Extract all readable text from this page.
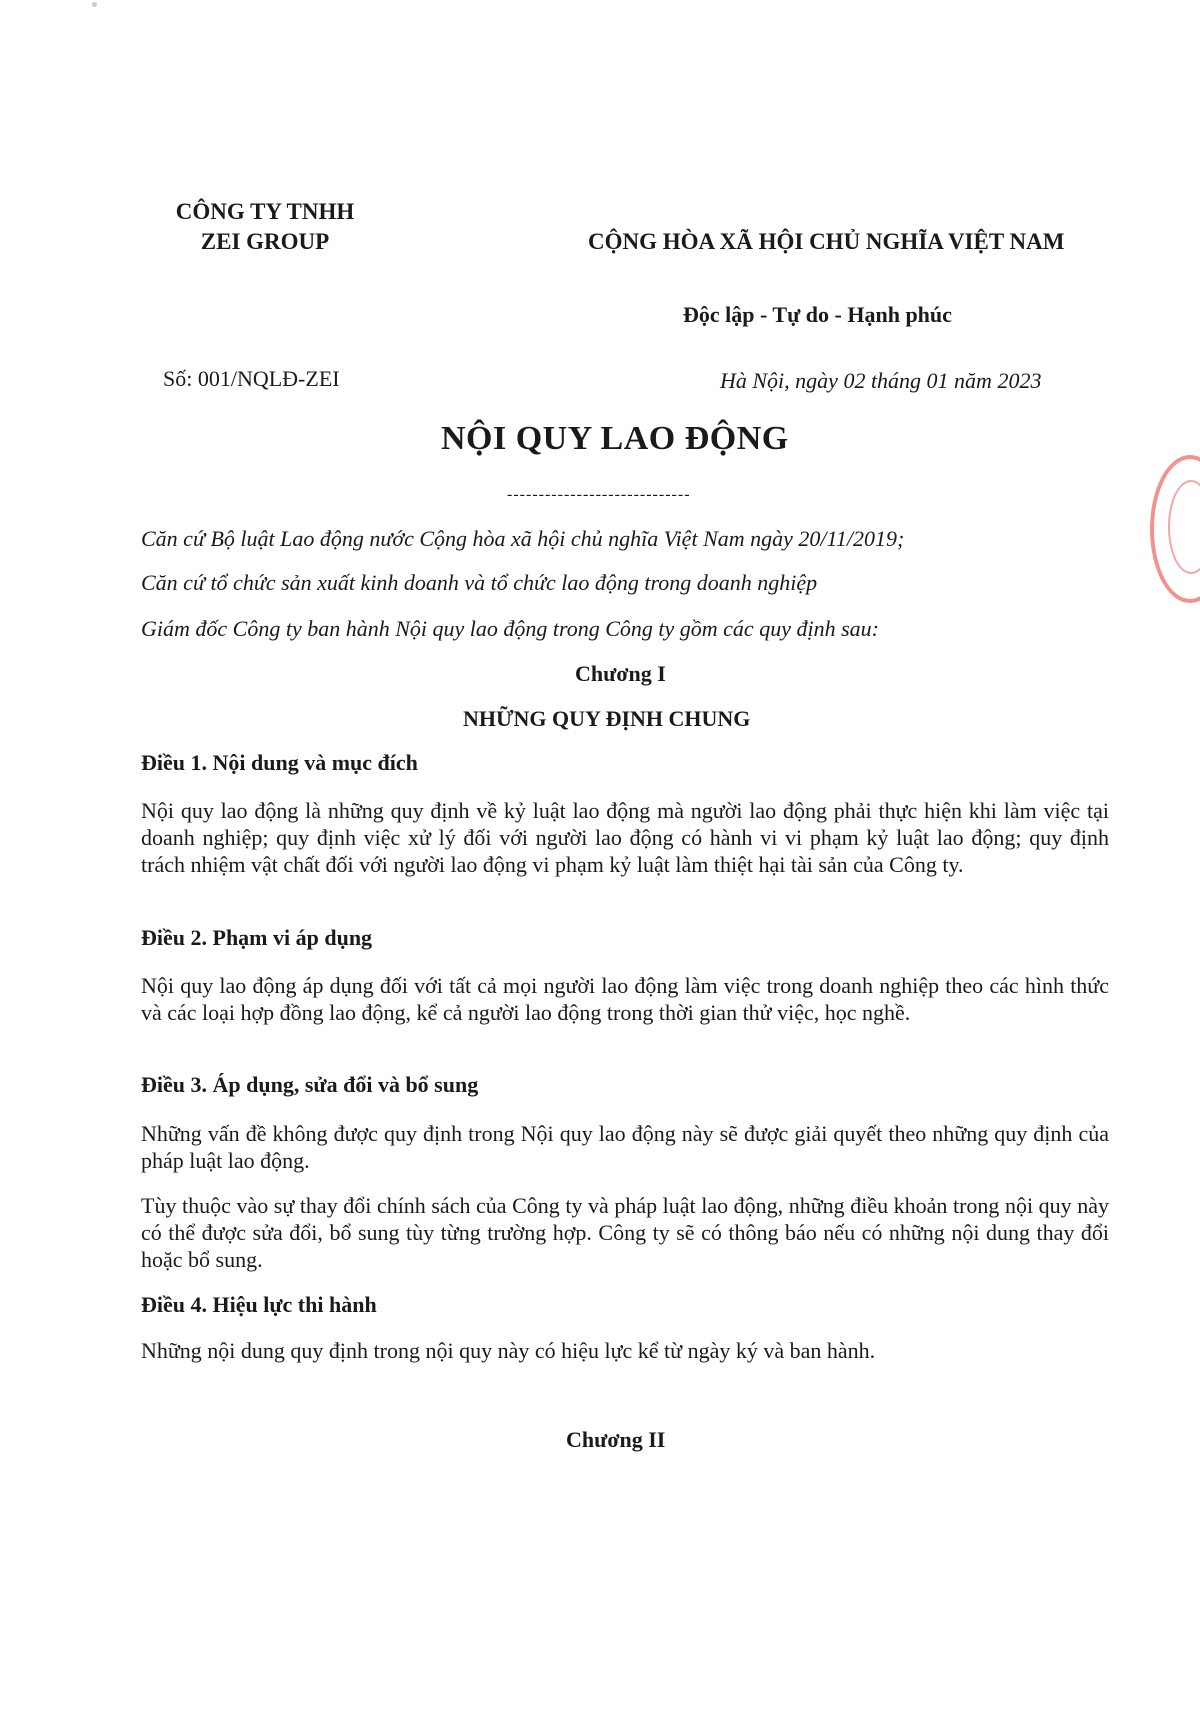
CÔNG TY TNHH
ZEI GROUP	CỘNG HÒA XÃ HỘI CHỦ NGHĨA VIỆT NAM
Độc lập - Tự do - Hạnh phúc
Số: 001/NQLĐ-ZEI	Hà Nội, ngày 02 tháng 01 năm 2023
NỘI QUY LAO ĐỘNG
-----------------------------
Căn cứ Bộ luật Lao động nước Cộng hòa xã hội chủ nghĩa Việt Nam ngày 20/11/2019;
Căn cứ tổ chức sản xuất kinh doanh và tổ chức lao động trong doanh nghiệp
Giám đốc Công ty ban hành Nội quy lao động trong Công ty gồm các quy định sau:
Chương I
NHỮNG QUY ĐỊNH CHUNG
Điều 1. Nội dung và mục đích
Nội quy lao động là những quy định về kỷ luật lao động mà người lao động phải thực hiện khi làm việc tại doanh nghiệp; quy định việc xử lý đối với người lao động có hành vi vi phạm kỷ luật lao động; quy định trách nhiệm vật chất đối với người lao động vi phạm kỷ luật làm thiệt hại tài sản của Công ty.
Điều 2. Phạm vi áp dụng
Nội quy lao động áp dụng đối với tất cả mọi người lao động làm việc trong doanh nghiệp theo các hình thức và các loại hợp đồng lao động, kể cả người lao động trong thời gian thử việc, học nghề.
Điều 3. Áp dụng, sửa đổi và bổ sung
Những vấn đề không được quy định trong Nội quy lao động này sẽ được giải quyết theo những quy định của pháp luật lao động.
Tùy thuộc vào sự thay đổi chính sách của Công ty và pháp luật lao động, những điều khoản trong nội quy này có thể được sửa đổi, bổ sung tùy từng trường hợp. Công ty sẽ có thông báo nếu có những nội dung thay đổi hoặc bổ sung.
Điều 4. Hiệu lực thi hành
Những nội dung quy định trong nội quy này có hiệu lực kể từ ngày ký và ban hành.
Chương II
